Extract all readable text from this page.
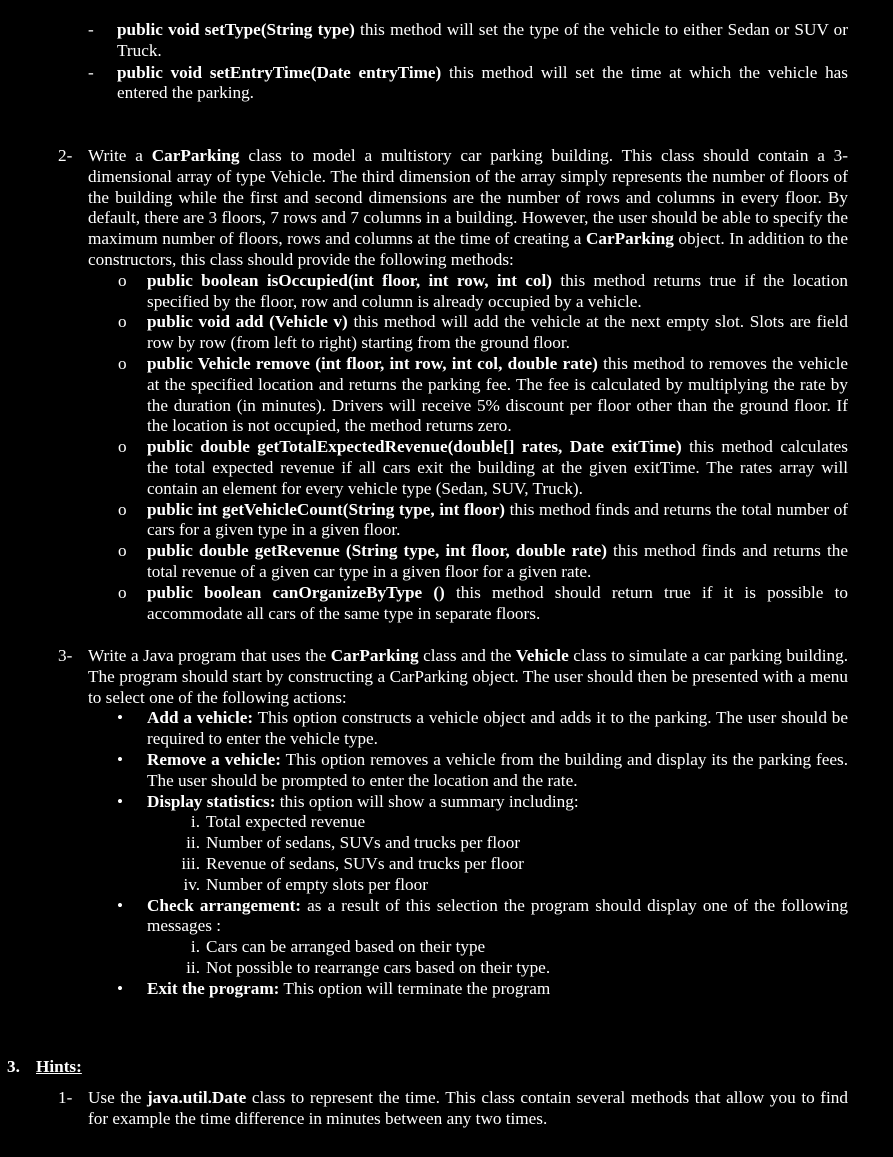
- public void setType(String type) this method will set the type of the vehicle to either Sedan or SUV or Truck.
- public void setEntryTime(Date entryTime) this method will set the time at which the vehicle has entered the parking.
2- Write a CarParking class to model a multistory car parking building. This class should contain a 3-dimensional array of type Vehicle. The third dimension of the array simply represents the number of floors of the building while the first and second dimensions are the number of rows and columns in every floor. By default, there are 3 floors, 7 rows and 7 columns in a building. However, the user should be able to specify the maximum number of floors, rows and columns at the time of creating a CarParking object. In addition to the constructors, this class should provide the following methods:
o public boolean isOccupied(int floor, int row, int col) this method returns true if the location specified by the floor, row and column is already occupied by a vehicle.
o public void add (Vehicle v) this method will add the vehicle at the next empty slot. Slots are field row by row (from left to right) starting from the ground floor.
o public Vehicle remove (int floor, int row, int col, double rate) this method to removes the vehicle at the specified location and returns the parking fee. The fee is calculated by multiplying the rate by the duration (in minutes). Drivers will receive 5% discount per floor other than the ground floor. If the location is not occupied, the method returns zero.
o public double getTotalExpectedRevenue(double[] rates, Date exitTime) this method calculates the total expected revenue if all cars exit the building at the given exitTime. The rates array will contain an element for every vehicle type (Sedan, SUV, Truck).
o public int getVehicleCount(String type, int floor) this method finds and returns the total number of cars for a given type in a given floor.
o public double getRevenue (String type, int floor, double rate) this method finds and returns the total revenue of a given car type in a given floor for a given rate.
o public boolean canOrganizeByType () this method should return true if it is possible to accommodate all cars of the same type in separate floors.
3- Write a Java program that uses the CarParking class and the Vehicle class to simulate a car parking building. The program should start by constructing a CarParking object. The user should then be presented with a menu to select one of the following actions:
• Add a vehicle: This option constructs a vehicle object and adds it to the parking. The user should be required to enter the vehicle type.
• Remove a vehicle: This option removes a vehicle from the building and display its the parking fees. The user should be prompted to enter the location and the rate.
• Display statistics: this option will show a summary including:
i. Total expected revenue
ii. Number of sedans, SUVs and trucks per floor
iii. Revenue of sedans, SUVs and trucks per floor
iv. Number of empty slots per floor
• Check arrangement: as a result of this selection the program should display one of the following messages :
i. Cars can be arranged based on their type
ii. Not possible to rearrange cars based on their type.
• Exit the program: This option will terminate the program
3. Hints:
1- Use the java.util.Date class to represent the time. This class contain several methods that allow you to find for example the time difference in minutes between any two times.
